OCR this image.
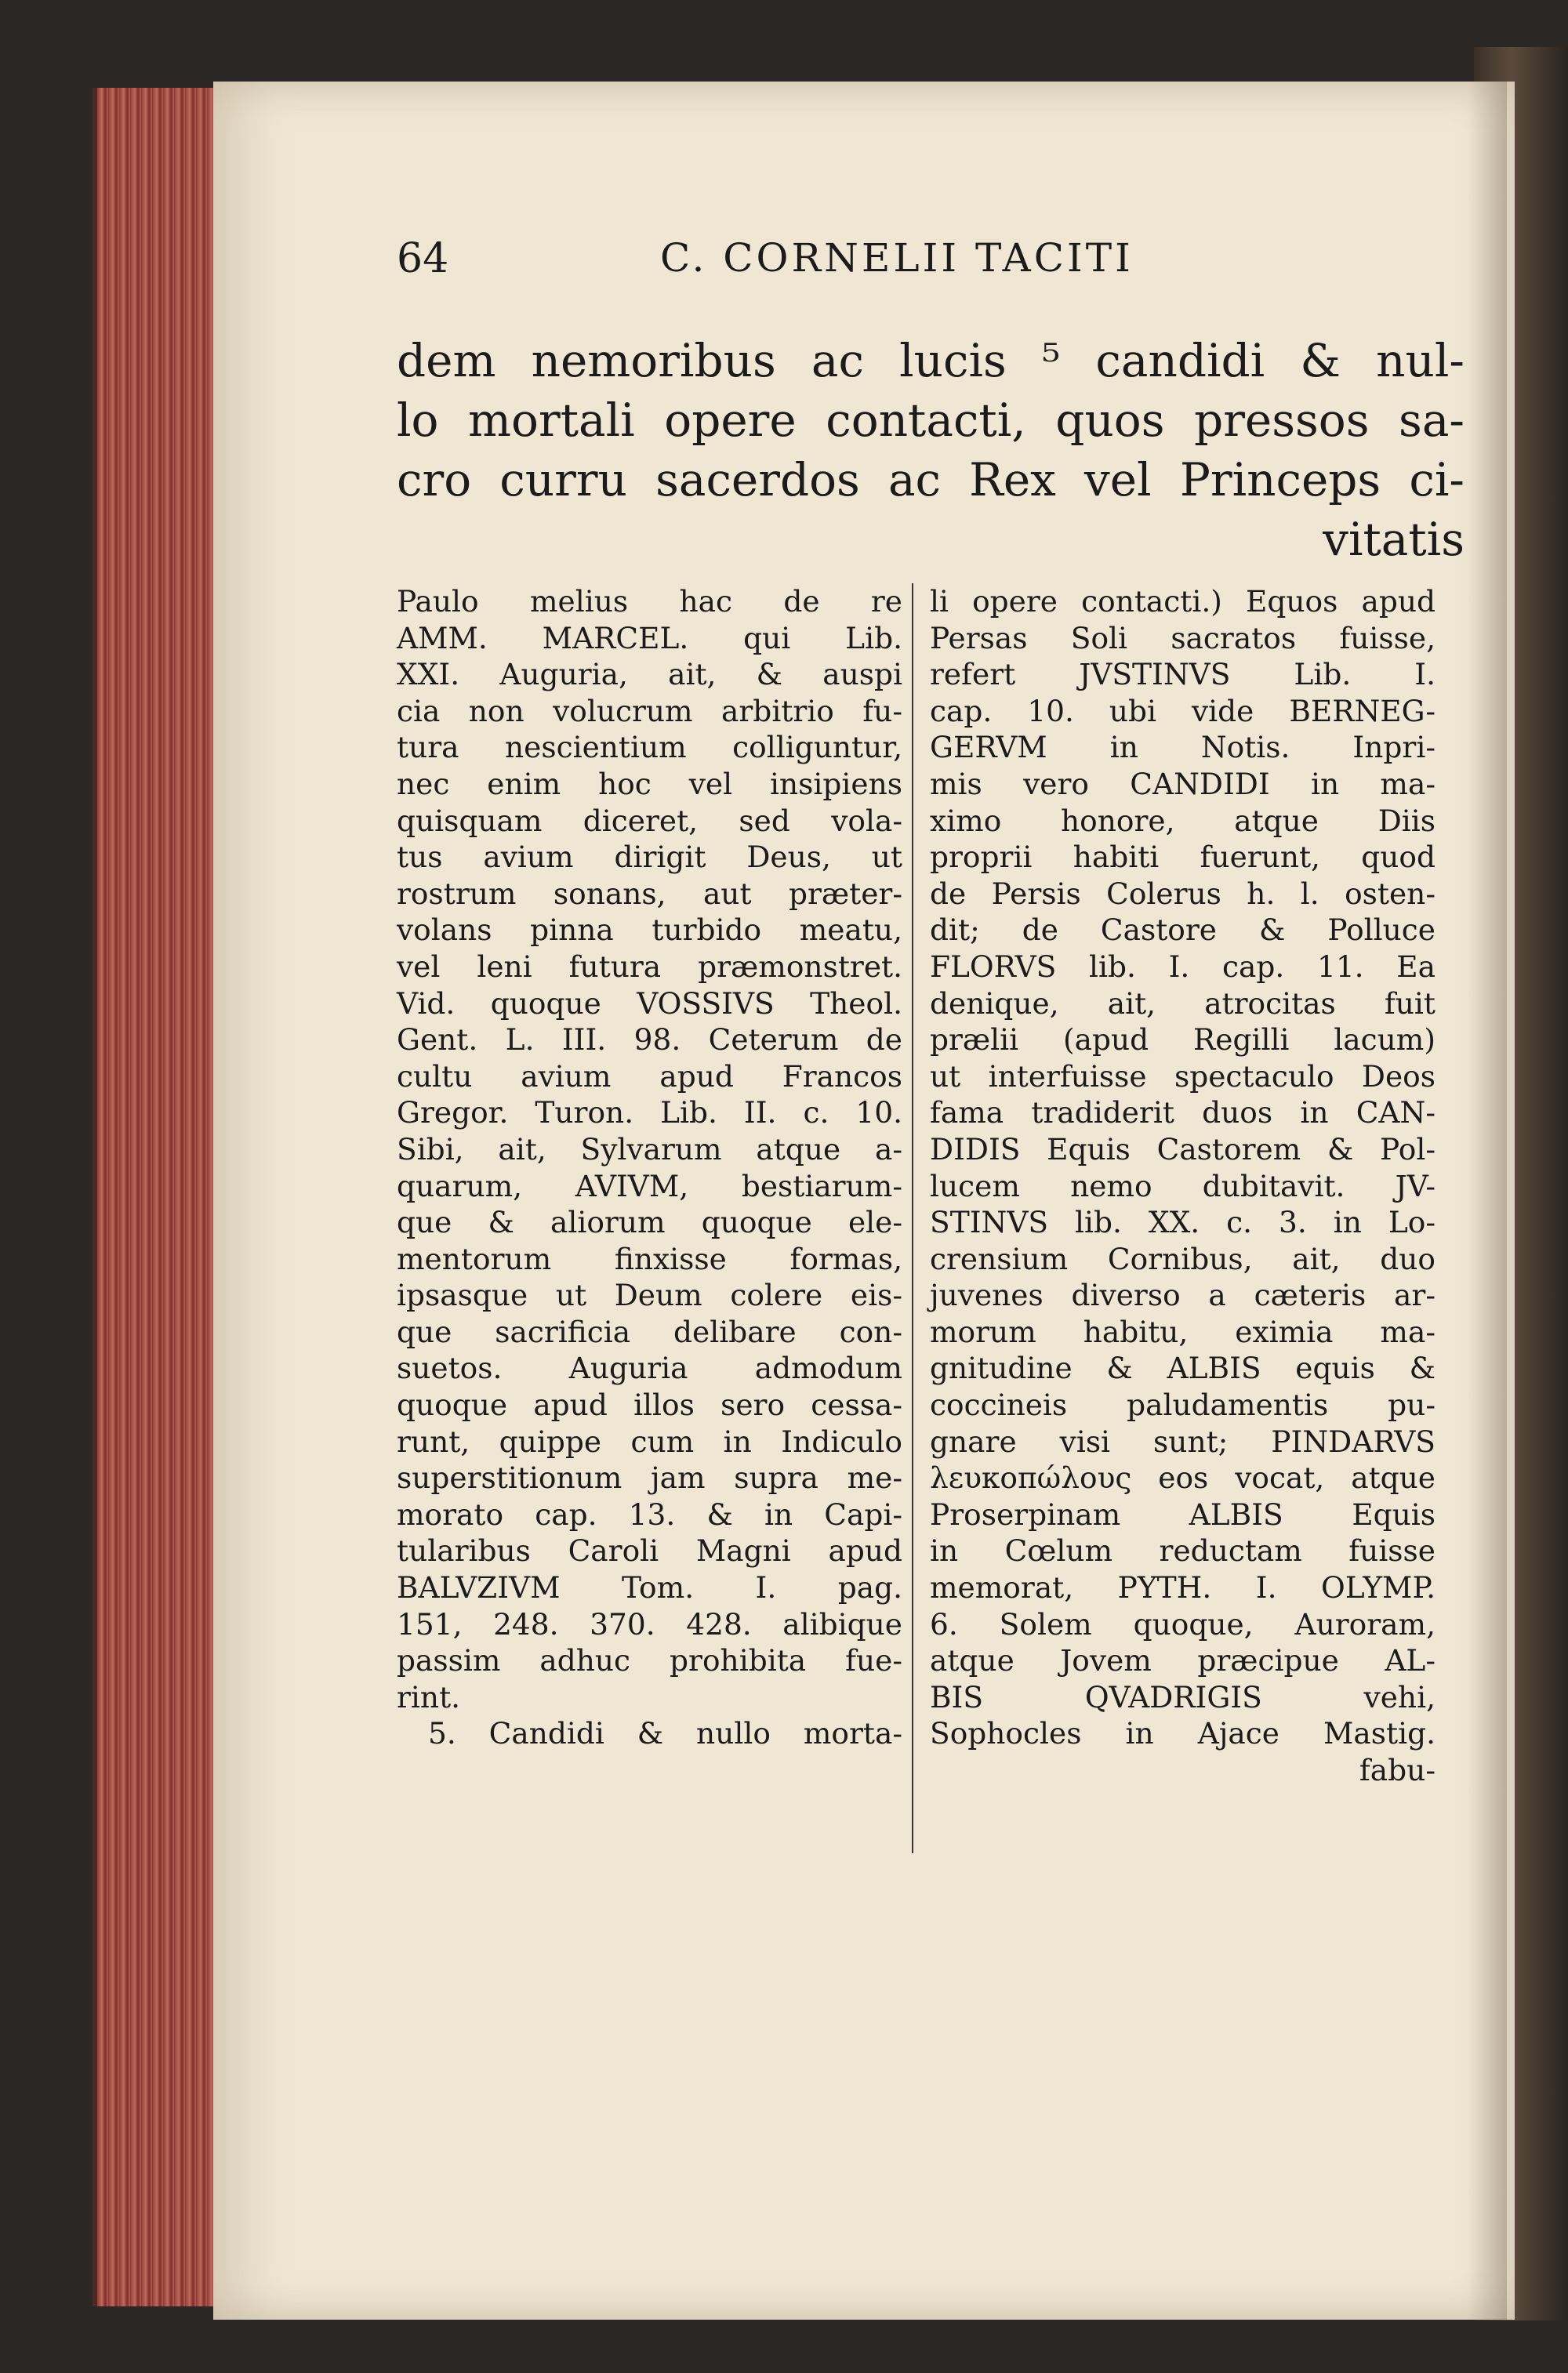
64	C. CORNELII TACITI
dem nemoribus ac lucis ⁵ candidi & nul-
lo mortali opere contacti, quos pressos sa-
cro curru sacerdos ac Rex vel Princeps ci-
vitatis
Paulo melius hac de re
AMM. MARCEL. qui Lib.
XXI. Auguria, ait, & auspi
cia non volucrum arbitrio fu-
tura nescientium colliguntur,
nec enim hoc vel insipiens
quisquam diceret, sed vola-
tus avium dirigit Deus, ut
rostrum sonans, aut præter-
volans pinna turbido meatu,
vel leni futura præmonstret.
Vid. quoque VOSSIVS Theol.
Gent. L. III. 98. Ceterum de
cultu avium apud Francos
Gregor. Turon. Lib. II. c. 10.
Sibi, ait, Sylvarum atque a-
quarum, AVIVM, bestiarum-
que & aliorum quoque ele-
mentorum finxisse formas,
ipsasque ut Deum colere eis-
que sacrificia delibare con-
suetos. Auguria admodum
quoque apud illos sero cessa-
runt, quippe cum in Indiculo
superstitionum jam supra me-
morato cap. 13. & in Capi-
tularibus Caroli Magni apud
BALVZIVM Tom. I. pag.
151, 248. 370. 428. alibique
passim adhuc prohibita fue-
rint.
5. Candidi & nullo morta-
li opere contacti.) Equos apud
Persas Soli sacratos fuisse,
refert JVSTINVS Lib. I.
cap. 10. ubi vide BERNEG-
GERVM in Notis. Inpri-
mis vero CANDIDI in ma-
ximo honore, atque Diis
proprii habiti fuerunt, quod
de Persis Colerus h. l. osten-
dit; de Castore & Polluce
FLORVS lib. I. cap. 11. Ea
denique, ait, atrocitas fuit
prælii (apud Regilli lacum)
ut interfuisse spectaculo Deos
fama tradiderit duos in CAN-
DIDIS Equis Castorem & Pol-
lucem nemo dubitavit. JV-
STINVS lib. XX. c. 3. in Lo-
crensium Cornibus, ait, duo
juvenes diverso a cæteris ar-
morum habitu, eximia ma-
gnitudine & ALBIS equis &
coccineis paludamentis pu-
gnare visi sunt; PINDARVS
λευκοπώλους eos vocat, atque
Proserpinam ALBIS Equis
in Cœlum reductam fuisse
memorat, PYTH. I. OLYMP.
6. Solem quoque, Auroram,
atque Jovem præcipue AL-
BIS QVADRIGIS vehi,
Sophocles in Ajace Mastig.
fabu-
